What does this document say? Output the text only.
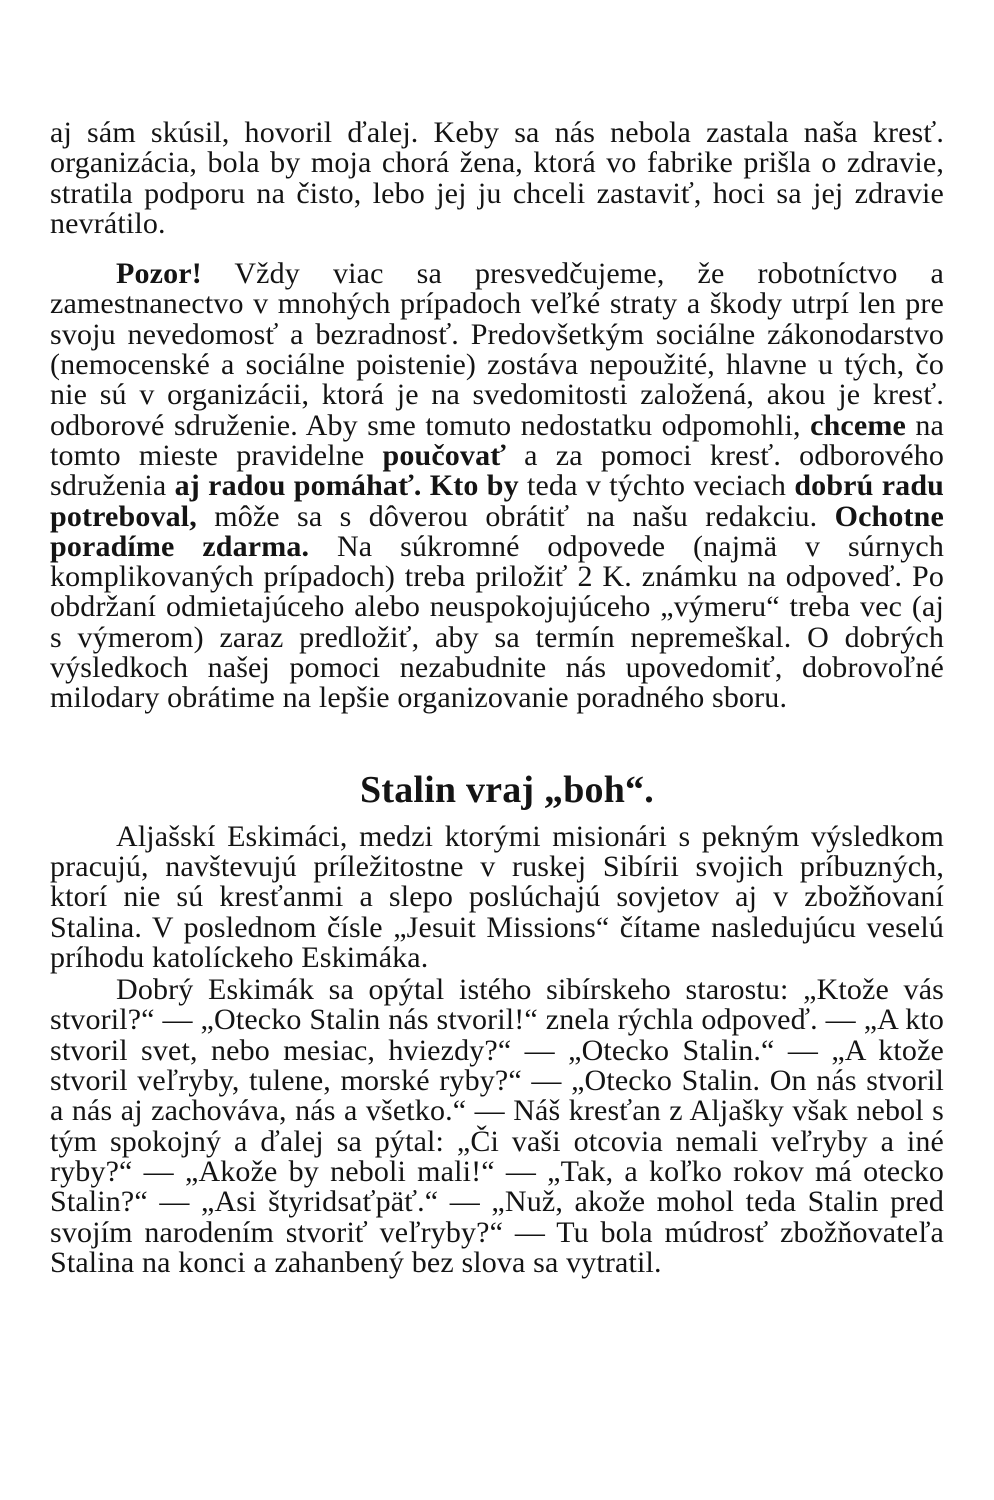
aj sám skúsil, hovoril ďalej. Keby sa nás nebola zastala naša kresť. organizácia, bola by moja chorá žena, ktorá vo fabrike prišla o zdravie, stratila podporu na čisto, lebo jej ju chceli zastaviť, hoci sa jej zdravie nevrátilo.

Pozor! Vždy viac sa presvedčujeme, že robotníctvo a zamestnanectvo v mnohých prípadoch veľké straty a škody utrpí len pre svoju nevedomosť a bezradnosť. Predovšetkým sociálne zákonodarstvo (nemocenské a sociálne poistenie) zostáva nepoužité, hlavne u tých, čo nie sú v organizácii, ktorá je na svedomitosti založená, akou je kresť. odborové sdruženie. Aby sme tomuto nedostatku odpomohli, chceme na tomto mieste pravidelne poučovať a za pomoci kresť. odborového sdruženia aj radou pomáhať. Kto by teda v týchto veciach dobrú radu potreboval, môže sa s dôverou obrátiť na našu redakciu. Ochotne poradíme zdarma. Na súkromné odpovede (najmä v súrnych komplikovaných prípadoch) treba priložiť 2 K. známku na odpoveď. Po obdržaní odmietajúceho alebo neuspokojujúceho „výmeru“ treba vec (aj s výmerom) zaraz predložiť, aby sa termín nepremeškal. O dobrých výsledkoch našej pomoci nezabudnite nás upovedomiť, dobrovoľné milodary obrátime na lepšie organizovanie poradného sboru.

Stalin vraj „boh“.

Aljašskí Eskimáci, medzi ktorými misionári s pekným výsledkom pracujú, navštevujú príležitostne v ruskej Sibírii svojich príbuzných, ktorí nie sú kresťanmi a slepo poslúchajú sovjetov aj v zbožňovaní Stalina. V poslednom čísle „Jesuit Missions“ čítame nasledujúcu veselú príhodu katolíckeho Eskimáka.

Dobrý Eskimák sa opýtal istého sibírskeho starostu: „Ktože vás stvoril?“ — „Otecko Stalin nás stvoril!“ znela rýchla odpoveď. — „A kto stvoril svet, nebo mesiac, hviezdy?“ — „Otecko Stalin.“ — „A ktože stvoril veľryby, tulene, morské ryby?“ — „Otecko Stalin. On nás stvoril a nás aj zachováva, nás a všetko.“ — Náš kresťan z Aljašky však nebol s tým spokojný a ďalej sa pýtal: „Či vaši otcovia nemali veľryby a iné ryby?“ — „Akože by neboli mali!“ — „Tak, a koľko rokov má otecko Stalin?“ — „Asi štyridsaťpäť.“ — „Nuž, akože mohol teda Stalin pred svojím narodením stvoriť veľryby?“ — Tu bola múdrosť zbožňovateľa Stalina na konci a zahanbený bez slova sa vytratil.
